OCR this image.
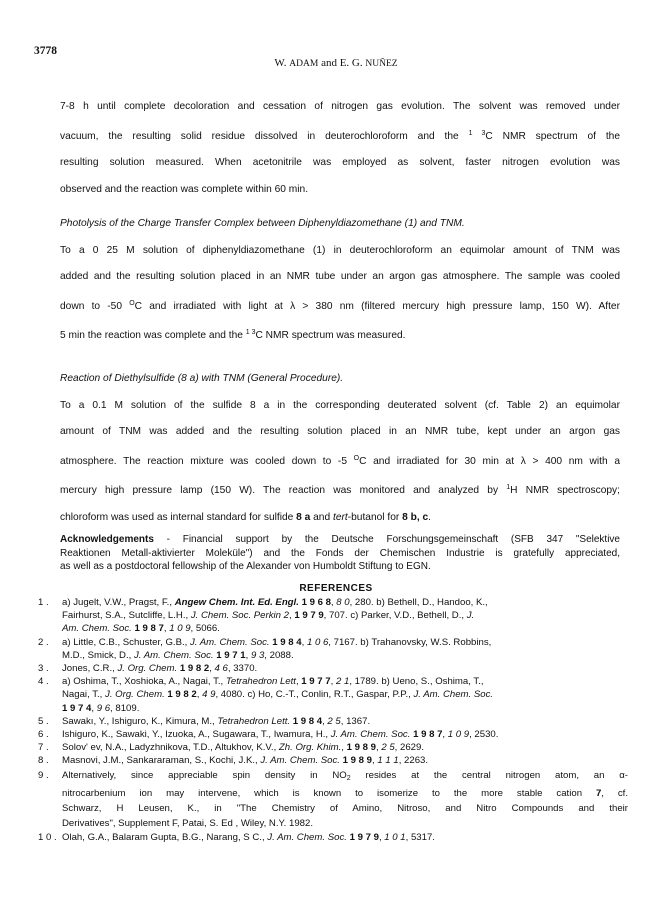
3778
W. ADAM and E. G. NUÑEZ
7-8 h until complete decoloration and cessation of nitrogen gas evolution. The solvent was removed under
vacuum, the resulting solid residue dissolved in deuterochloroform and the $^{1 3}$C NMR spectrum of the
resulting solution measured. When acetonitrile was employed as solvent, faster nitrogen evolution was
observed and the reaction was complete within 60 min.
Photolysis of the Charge Transfer Complex between Diphenyldiazomethane (1) and TNM.
To a 0 25 M solution of diphenyldiazomethane (1) in deuterochloroform an equimolar amount of TNM was
added and the resulting solution placed in an NMR tube under an argon gas atmosphere. The sample was cooled
down to -50 $^O$C and irradiated with light at λ > 380 nm (filtered mercury high pressure lamp, 150 W). After
5 min the reaction was complete and the $^{1 3}$C NMR spectrum was measured.
Reaction of Diethylsulfide (8 a) with TNM (General Procedure).
To a 0.1 M solution of the sulfide 8 a in the corresponding deuterated solvent (cf. Table 2) an equimolar
amount of TNM was added and the resulting solution placed in an NMR tube, kept under an argon gas
atmosphere. The reaction mixture was cooled down to -5 $^O$C and irradiated for 30 min at λ > 400 nm with a
mercury high pressure lamp (150 W). The reaction was monitored and analyzed by $^1$H NMR spectroscopy;
chloroform was used as internal standard for sulfide 8 a and tert-butanol for 8 b, c.
Acknowledgements - Financial support by the Deutsche Forschungsgemeinschaft (SFB 347 "Selektive
Reaktionen Metall-aktivierter Moleküle") and the Fonds der Chemischen Industrie is gratefully appreciated,
as well as a postdoctoral fellowship of the Alexander von Humboldt Stiftung to EGN.
REFERENCES
1 . a) Jugelt, V.W., Pragst, F., Angew Chem. Int. Ed. Engl. 1 9 6 8, 8 0, 280. b) Bethell, D., Handoo, K.,
Fairhurst, S.A., Sutcliffe, L.H., J. Chem. Soc. Perkin 2, 1 9 7 9, 707. c) Parker, V.D., Bethell, D., J.
Am. Chem. Soc. 1 9 8 7, 1 0 9, 5066.
2 . a) Little, C.B., Schuster, G.B., J. Am. Chem. Soc. 1 9 8 4, 1 0 6, 7167. b) Trahanovsky, W.S. Robbins,
M.D., Smick, D., J. Am. Chem. Soc. 1 9 7 1, 9 3, 2088.
3 . Jones, C.R., J. Org. Chem. 1 9 8 2, 4 6, 3370.
4 . a) Oshima, T., Xoshioka, A., Nagai, T., Tetrahedron Lett, 1 9 7 7, 2 1, 1789. b) Ueno, S., Oshima, T.,
Nagai, T., J. Org. Chem. 1 9 8 2, 4 9, 4080. c) Ho, C.-T., Conlin, R.T., Gaspar, P.P., J. Am. Chem. Soc.
1 9 7 4, 9 6, 8109.
5 . Sawakı, Y., Ishiguro, K., Kimura, M., Tetrahedron Lett. 1 9 8 4, 2 5, 1367.
6 . Ishiguro, K., Sawaki, Y., Izuoka, A., Sugawara, T., Iwamura, H., J. Am. Chem. Soc. 1 9 8 7, 1 0 9, 2530.
7 . Solov' ev, N.A., Ladyzhnikova, T.D., Altukhov, K.V., Zh. Org. Khim., 1 9 8 9, 2 5, 2629.
8 . Masnovi, J.M., Sankararaman, S., Kochi, J.K., J. Am. Chem. Soc. 1 9 8 9, 1 1 1, 2263.
9 . Alternatively, since appreciable spin density in $NO_2$ resides at the central nitrogen atom, an α-
nitrocarbenium ion may intervene, which is known to isomerize to the more stable cation 7, cf.
Schwarz, H Leusen, K., in "The Chemistry of Amino, Nitroso, and Nitro Compounds and their
Derivatives", Supplement F, Patai, S. Ed , Wiley, N.Y. 1982.
1 0 . Olah, G.A., Balaram Gupta, B.G., Narang, S C., J. Am. Chem. Soc. 1 9 7 9, 1 0 1, 5317.
